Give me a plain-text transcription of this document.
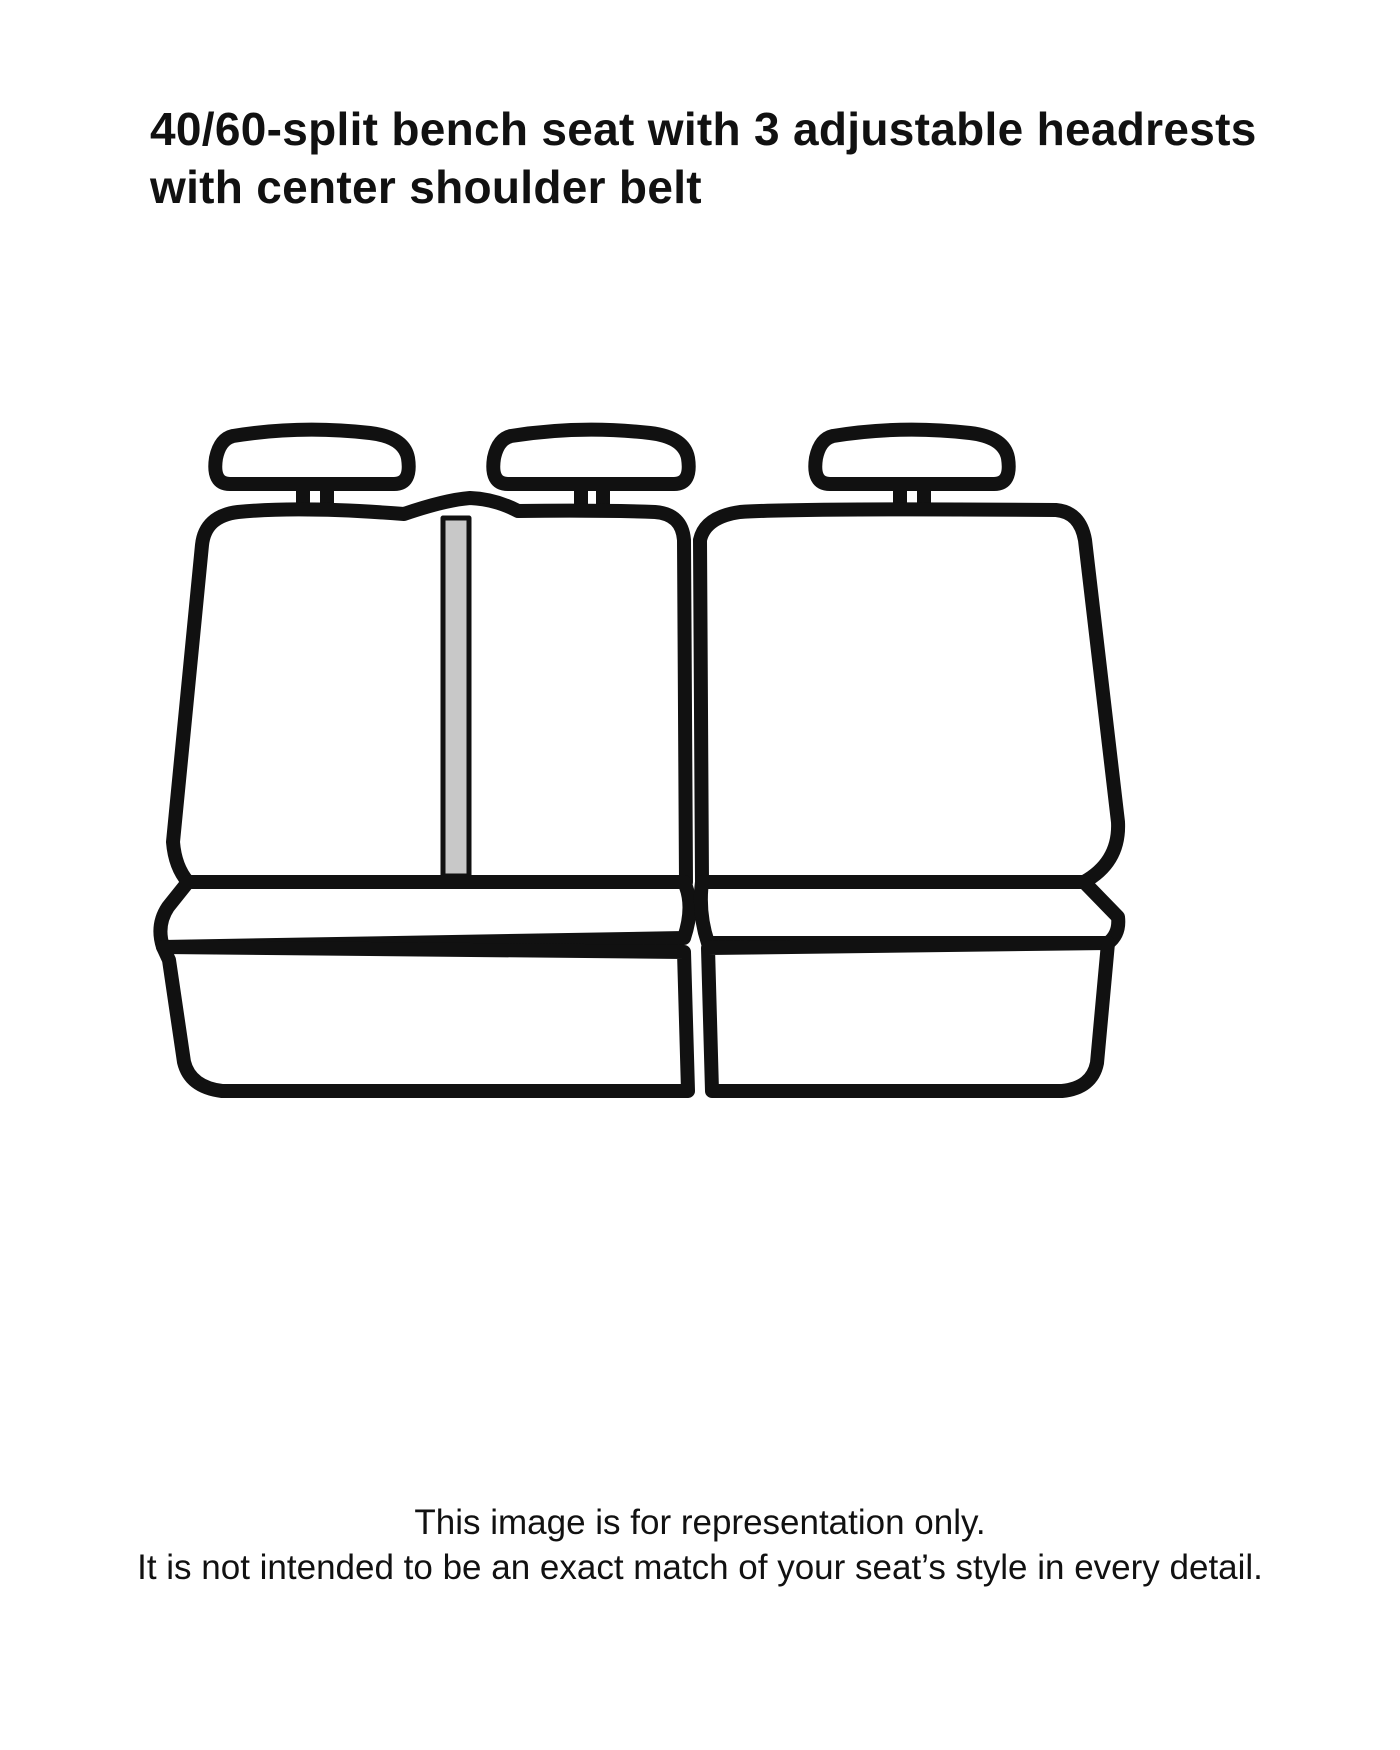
40/60-split bench seat with 3 adjustable headrests
with center shoulder belt
This image is for representation only.
It is not intended to be an exact match of your seat’s style in every detail.
